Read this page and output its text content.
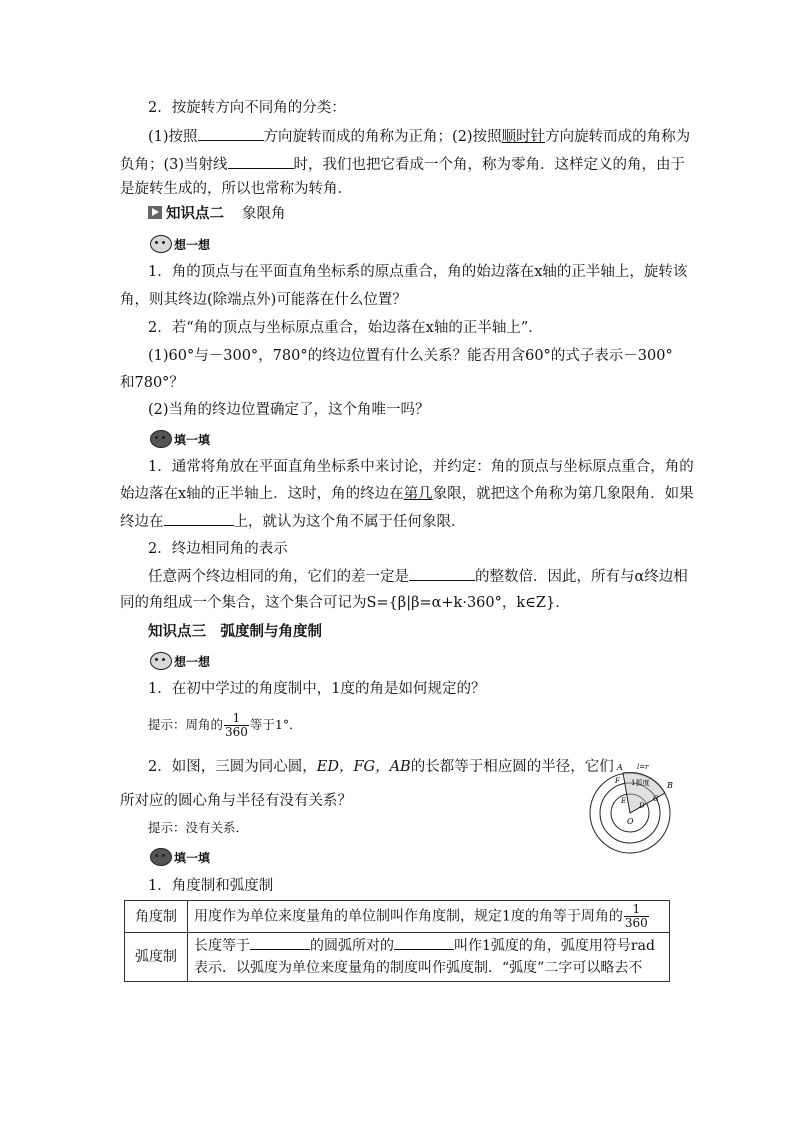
2．按旋转方向不同角的分类：
(1)按照	方向旋转而成的角称为正角；(2)按照顺时针方向旋转而成的角称为
负角；(3)当射线	时，我们也把它看成一个角，称为零角．这样定义的角，由于
是旋转生成的，所以也常称为转角．
知识点二 象限角
想一想
1．角的顶点与在平面直角坐标系的原点重合，角的始边落在x轴的正半轴上，旋转该
角，则其终边(除端点外)可能落在什么位置？
2．若“角的顶点与坐标原点重合，始边落在x轴的正半轴上”．
(1)60°与－300°，780°的终边位置有什么关系？能否用含60°的式子表示－300°
和780°？
(2)当角的终边位置确定了，这个角唯一吗？
填一填
1．通常将角放在平面直角坐标系中来讨论，并约定：角的顶点与坐标原点重合，角的
始边落在x轴的正半轴上．这时，角的终边在第几象限，就把这个角称为第几象限角．如果
终边在	上，就认为这个角不属于任何象限．
2．终边相同角的表示
任意两个终边相同的角，它们的差一定是	的整数倍．因此，所有与α终边相
同的角组成一个集合，这个集合可记为S={β|β=α+k·360°，k∈Z}．
知识点三　弧度制与角度制
想一想
1．在初中学过的角度制中，1度的角是如何规定的？
提示：周角的 $\frac{1}{360}$ 等于1°．
2．如图，三圆为同心圆，ED，FG，AB的长都等于相应圆的半径，它们
所对应的圆心角与半径有没有关系？
提示：没有关系．
A l=r
B
F 1弧度
G
E
D
O
填一填
1．角度制和弧度制
角度制	用度作为单位来度量角的单位制叫作角度制，规定1度的角等于周角的 $\frac{1}{360}$

弧度制	长度等于 的圆弧所对的 叫作1弧度的角，弧度用符号rad
表示．以弧度为单位来度量角的制度叫作弧度制．“弧度”二字可以略去不
